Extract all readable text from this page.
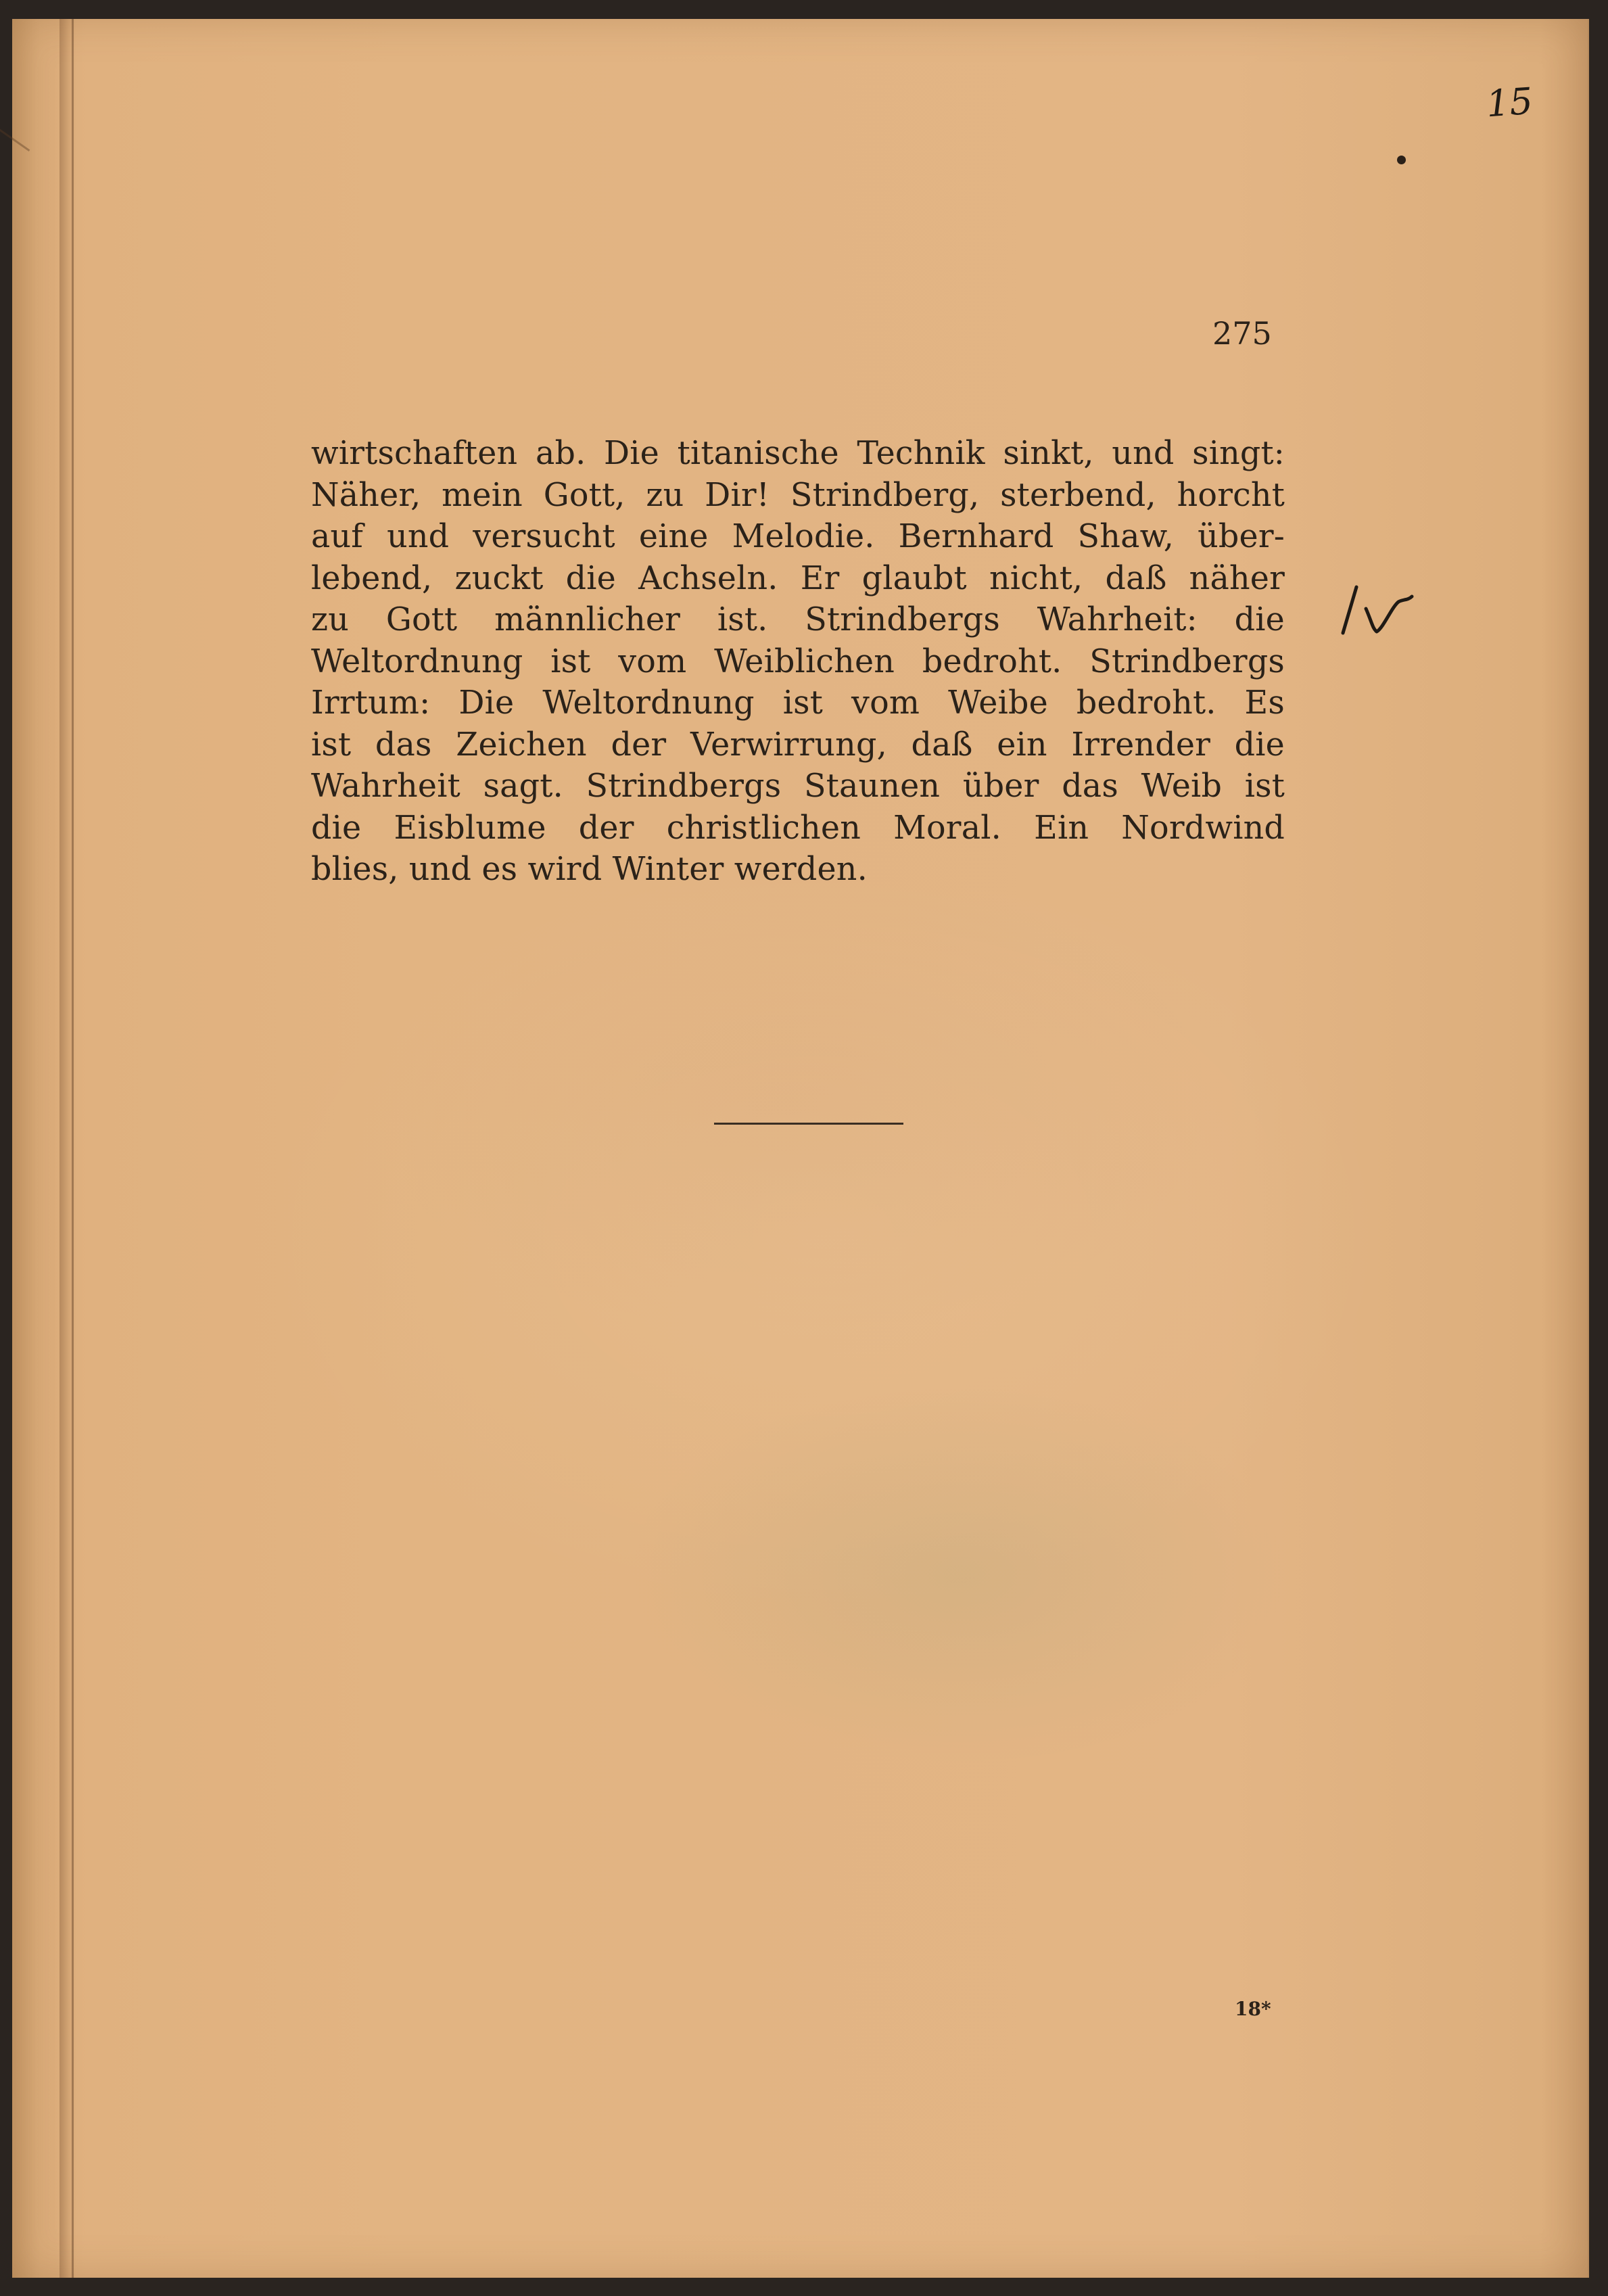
15
275
wirtschaften ab. Die titanische Technik sinkt, und singt:
Näher, mein Gott, zu Dir! Strindberg, sterbend, horcht
auf und versucht eine Melodie. Bernhard Shaw, über-
lebend, zuckt die Achseln. Er glaubt nicht, daß näher
zu Gott männlicher ist. Strindbergs Wahrheit: die
Weltordnung ist vom Weiblichen bedroht. Strindbergs
Irrtum: Die Weltordnung ist vom Weibe bedroht. Es
ist das Zeichen der Verwirrung, daß ein Irrender die
Wahrheit sagt. Strindbergs Staunen über das Weib ist
die Eisblume der christlichen Moral. Ein Nordwind
blies, und es wird Winter werden.
18*
